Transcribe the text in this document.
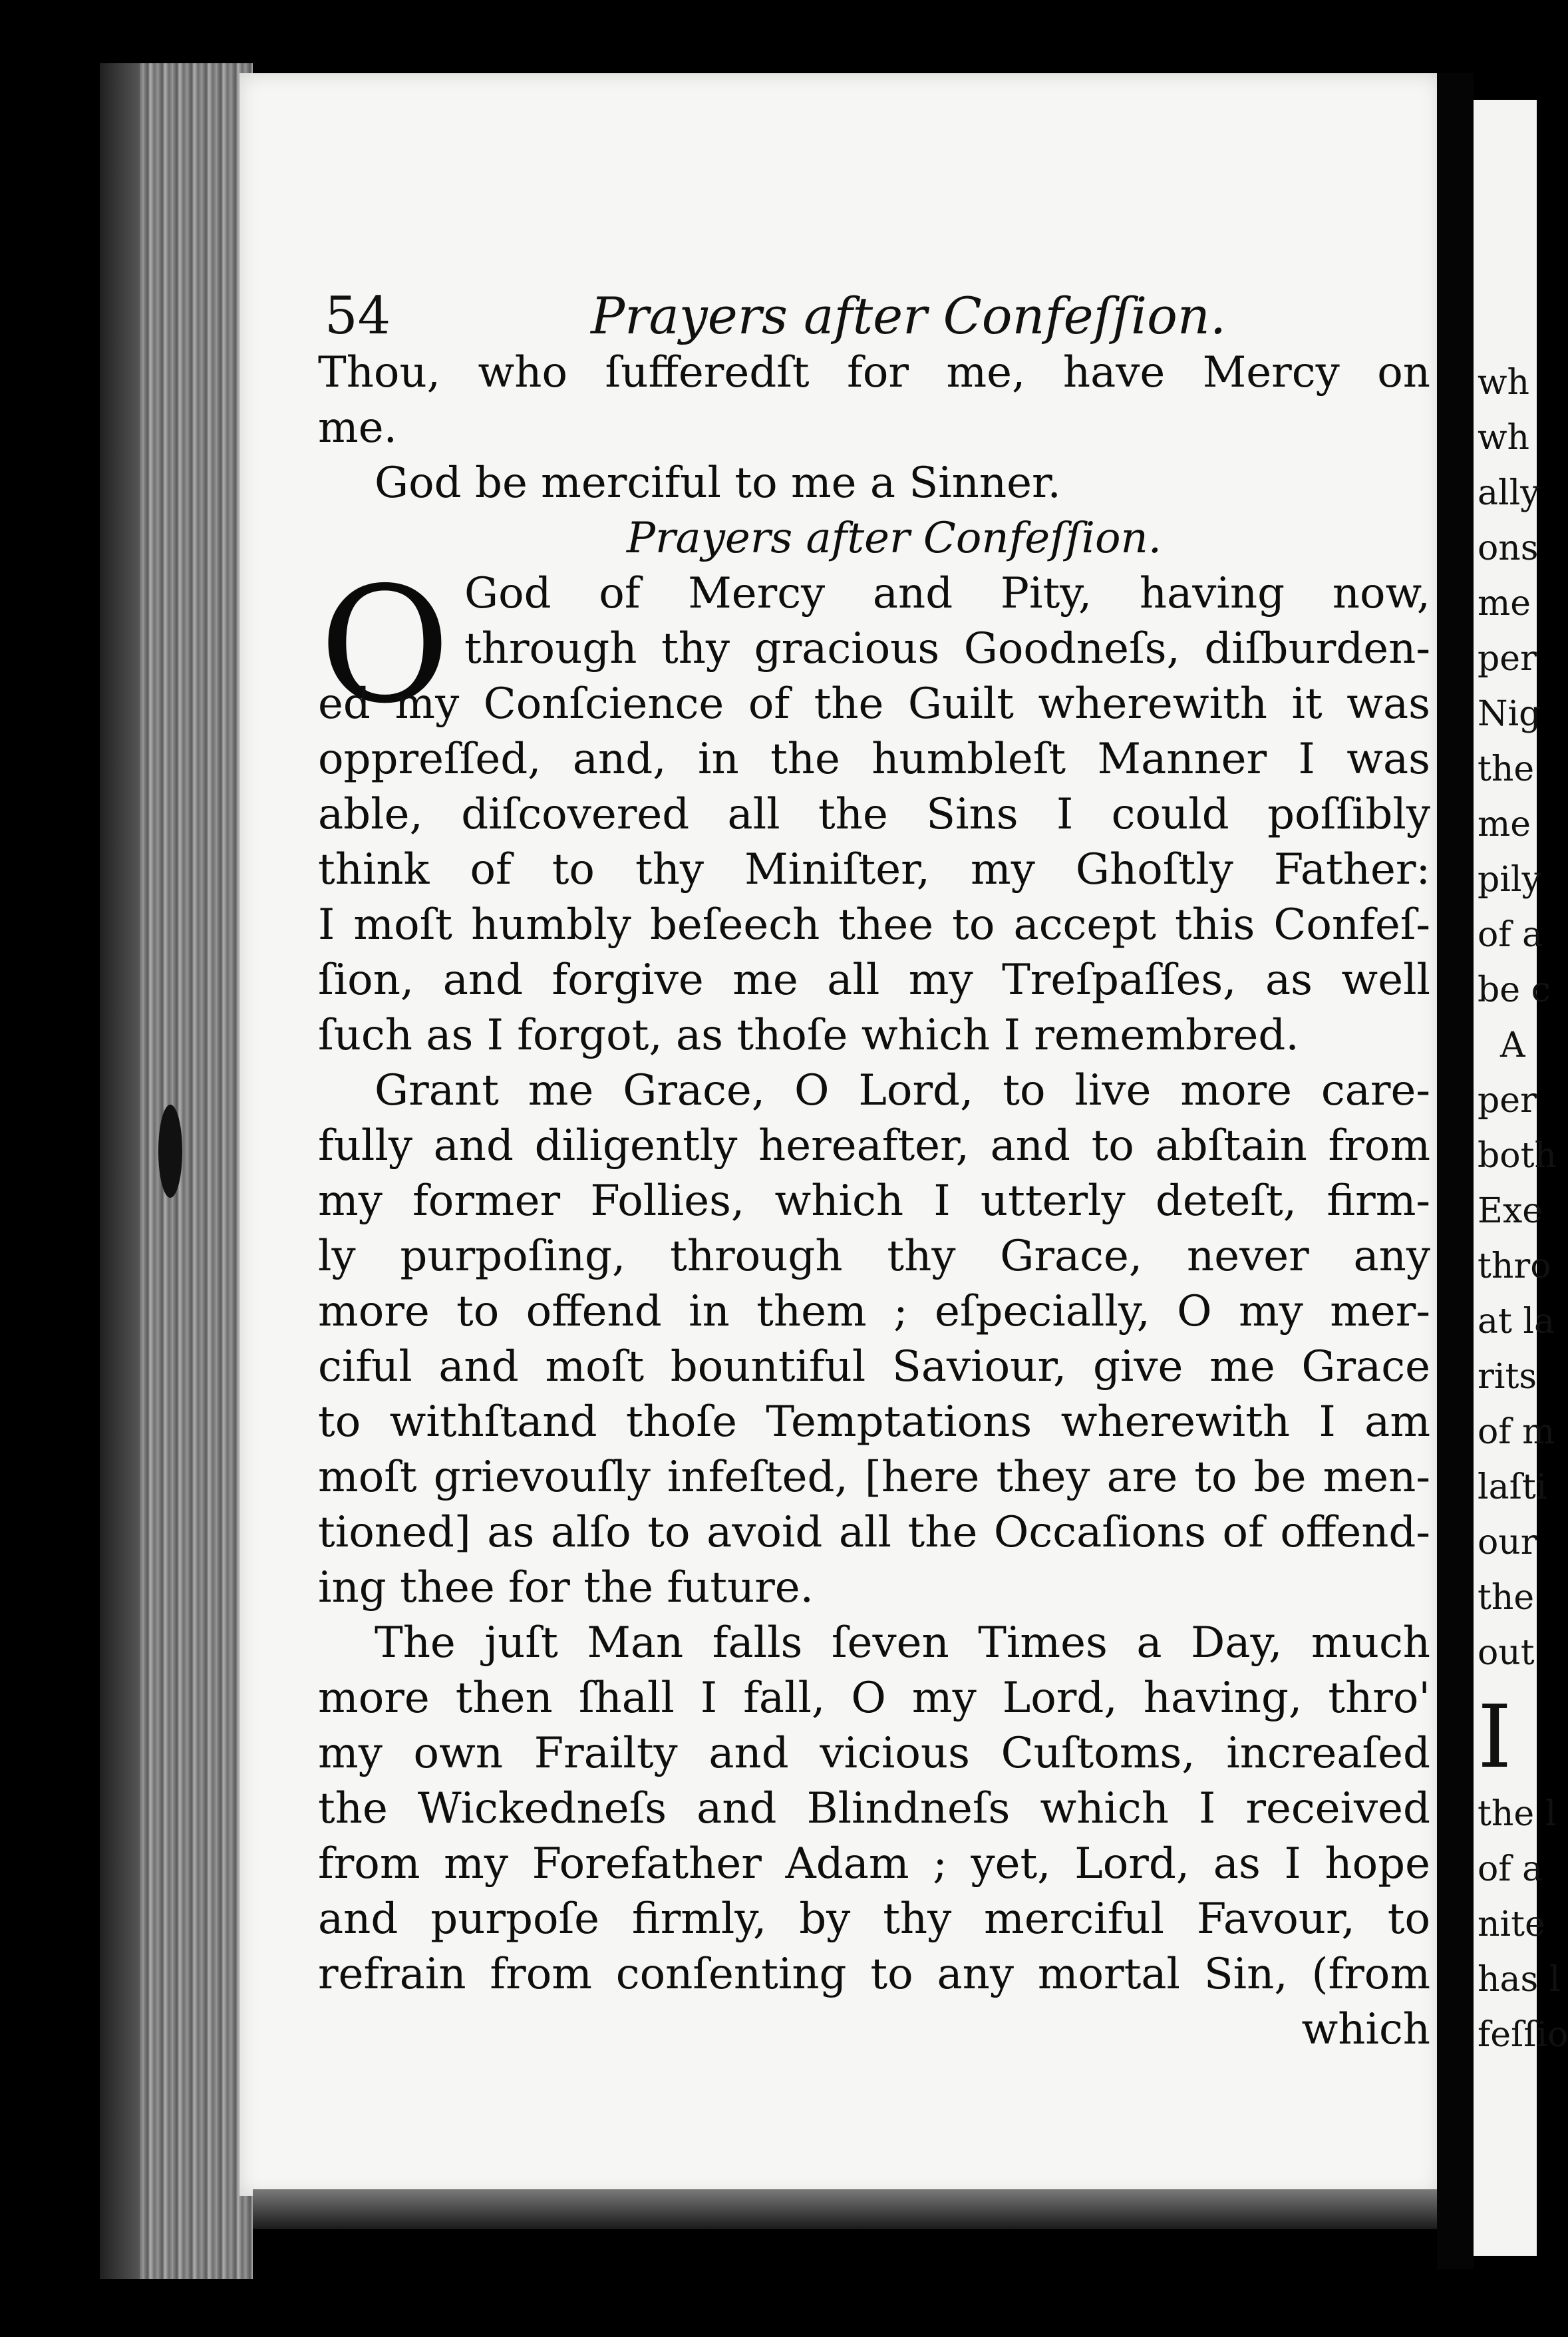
wh
wh
ally
ons
me
per
Nig
the
me
pily
of a
be c
A
per
both
Exe
thro
at la
rits
of m
laſti
our
the
out
I
the l
of a
nite
has l
feſſio
54	Prayers after Confeſſion.
O
Thou, who ſufferedſt for me, have Mercy on
me.
God be merciful to me a Sinner.
Prayers after Confeſſion.
God of Mercy and Pity, having now,
through thy gracious Goodneſs, diſburden-
ed my Conſcience of the Guilt wherewith it was
oppreſſed, and, in the humbleſt Manner I was
able, diſcovered all the Sins I could poſſibly
think of to thy Miniſter, my Ghoſtly Father:
I moſt humbly beſeech thee to accept this Confeſ-
ſion, and forgive me all my Treſpaſſes, as well
ſuch as I forgot, as thoſe which I remembred.
Grant me Grace, O Lord, to live more care-
fully and diligently hereafter, and to abſtain from
my former Follies, which I utterly deteſt, firm-
ly purpoſing, through thy Grace, never any
more to offend in them ; eſpecially, O my mer-
ciful and moſt bountiful Saviour, give me Grace
to withſtand thoſe Temptations wherewith I am
moſt grievouſly infeſted, [here they are to be men-
tioned] as alſo to avoid all the Occaſions of offend-
ing thee for the future.
The juſt Man falls ſeven Times a Day, much
more then ſhall I fall, O my Lord, having, thro'
my own Frailty and vicious Cuſtoms, increaſed
the Wickedneſs and Blindneſs which I received
from my Forefather Adam ; yet, Lord, as I hope
and purpoſe firmly, by thy merciful Favour, to
refrain from conſenting to any mortal Sin, (from
which
